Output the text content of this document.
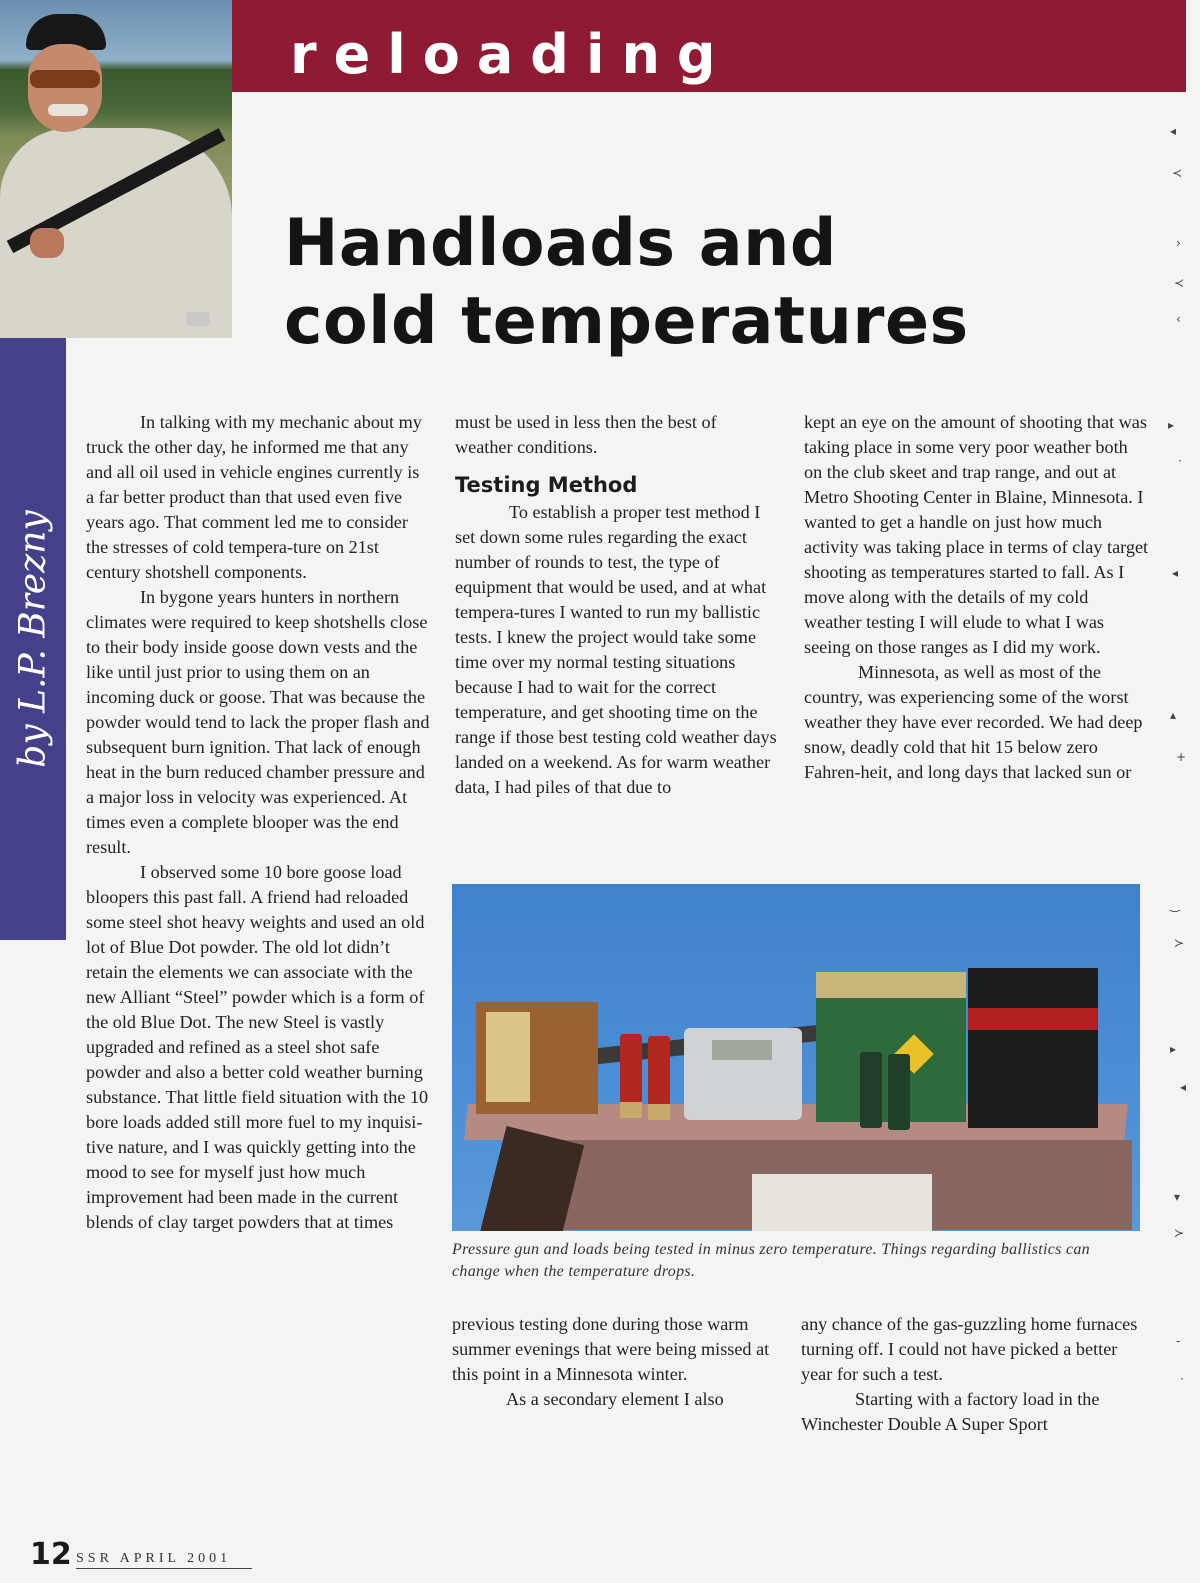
reloading
by L.P. Brezny
Handloads and
cold temperatures

In talking with my mechanic about my truck the other day, he informed me that any and all oil used in vehicle engines currently is a far better product than that used even five years ago. That comment led me to consider the stresses of cold tempera-ture on 21st century shotshell components.

In bygone years hunters in northern climates were required to keep shotshells close to their body inside goose down vests and the like until just prior to using them on an incoming duck or goose. That was because the powder would tend to lack the proper flash and subsequent burn ignition. That lack of enough heat in the burn reduced chamber pressure and a major loss in velocity was experienced. At times even a complete blooper was the end result.

I observed some 10 bore goose load bloopers this past fall. A friend had reloaded some steel shot heavy weights and used an old lot of Blue Dot powder. The old lot didn’t retain the elements we can associate with the new Alliant “Steel” powder which is a form of the old Blue Dot. The new Steel is vastly upgraded and refined as a steel shot safe powder and also a better cold weather burning substance. That little field situation with the 10 bore loads added still more fuel to my inquisi-tive nature, and I was quickly getting into the mood to see for myself just how much improvement had been made in the current blends of clay target powders that at times

must be used in less then the best of weather conditions.

Testing Method

To establish a proper test method I set down some rules regarding the exact number of rounds to test, the type of equipment that would be used, and at what tempera-tures I wanted to run my ballistic tests. I knew the project would take some time over my normal testing situations because I had to wait for the correct temperature, and get shooting time on the range if those best testing cold weather days landed on a weekend. As for warm weather data, I had piles of that due to

kept an eye on the amount of shooting that was taking place in some very poor weather both on the club skeet and trap range, and out at Metro Shooting Center in Blaine, Minnesota. I wanted to get a handle on just how much activity was taking place in terms of clay target shooting as temperatures started to fall. As I move along with the details of my cold weather testing I will elude to what I was seeing on those ranges as I did my work.

Minnesota, as well as most of the country, was experiencing some of the worst weather they have ever recorded. We had deep snow, deadly cold that hit 15 below zero Fahren-heit, and long days that lacked sun or

Pressure gun and loads being tested in minus zero temperature. Things regarding ballistics can change when the temperature drops.

previous testing done during those warm summer evenings that were being missed at this point in a Minnesota winter.

As a secondary element I also

any chance of the gas-guzzling home furnaces turning off. I could not have picked a better year for such a test.

Starting with a factory load in the Winchester Double A Super Sport

12 SSR APRIL 2001
◂
≺
›
≺
‹
▸
·
◂
▴
+
‿
≻
▸
◂
▾
≻
-
·
